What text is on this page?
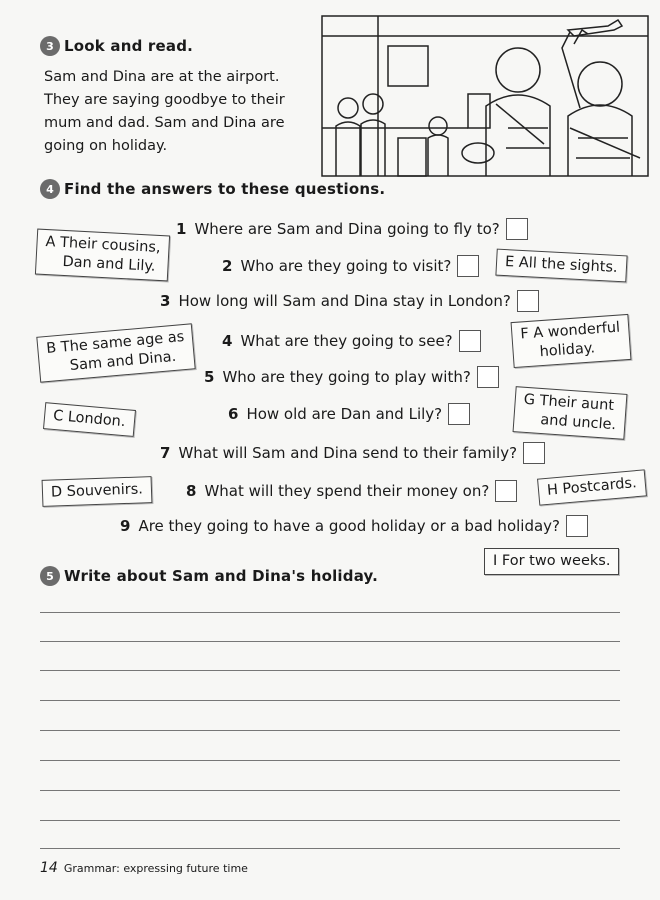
3 Look and read.
Sam and Dina are at the airport. They are saying goodbye to their mum and dad. Sam and Dina are going on holiday.
4 Find the answers to these questions.
1 Where are Sam and Dina going to fly to?
2 Who are they going to visit?
3 How long will Sam and Dina stay in London?
4 What are they going to see?
5 Who are they going to play with?
6 How old are Dan and Lily?
7 What will Sam and Dina send to their family?
8 What will they spend their money on?
9 Are they going to have a good holiday or a bad holiday?
A Their cousins,
Dan and Lily.
B The same age as
Sam and Dina.
C London.
D Souvenirs.
E All the sights.
F A wonderful
holiday.
G Their aunt
and uncle.
H Postcards.
I For two weeks.
5 Write about Sam and Dina's holiday.
14 Grammar: expressing future time
